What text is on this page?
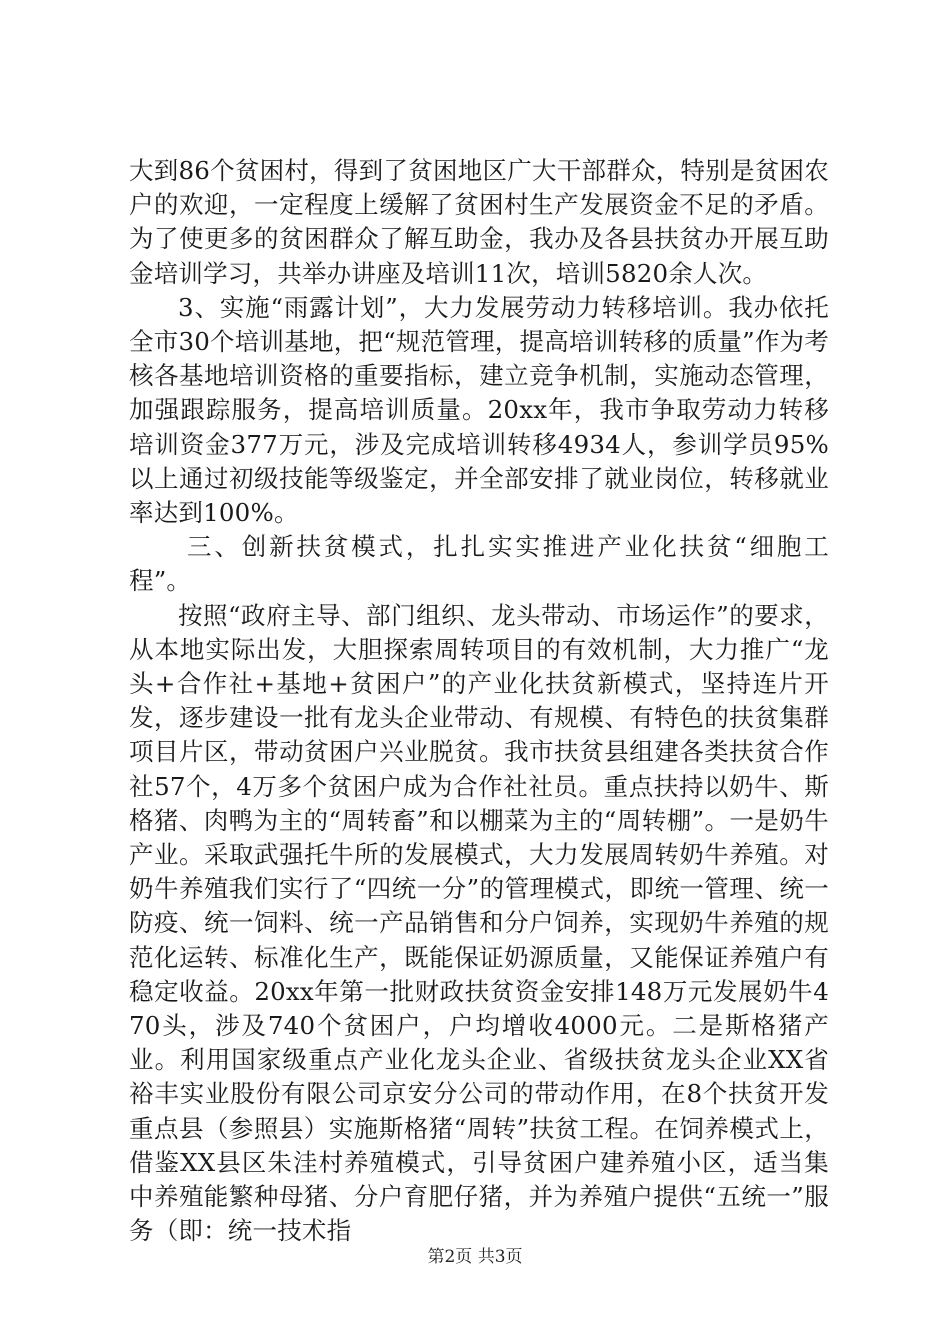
大到86个贫困村，得到了贫困地区广大干部群众，特别是贫困农户的欢迎，一定程度上缓解了贫困村生产发展资金不足的矛盾。为了使更多的贫困群众了解互助金，我办及各县扶贫办开展互助金培训学习，共举办讲座及培训11次，培训5820余人次。

3、实施“雨露计划”，大力发展劳动力转移培训。我办依托全市30个培训基地，把“规范管理，提高培训转移的质量”作为考核各基地培训资格的重要指标，建立竞争机制，实施动态管理，加强跟踪服务，提高培训质量。20xx年，我市争取劳动力转移培训资金377万元，涉及完成培训转移4934人，参训学员95%以上通过初级技能等级鉴定，并全部安排了就业岗位，转移就业率达到100%。

三、创新扶贫模式，扎扎实实推进产业化扶贫“细胞工程”。

按照“政府主导、部门组织、龙头带动、市场运作”的要求，从本地实际出发，大胆探索周转项目的有效机制，大力推广“龙头+合作社+基地+贫困户”的产业化扶贫新模式，坚持连片开发，逐步建设一批有龙头企业带动、有规模、有特色的扶贫集群项目片区，带动贫困户兴业脱贫。我市扶贫县组建各类扶贫合作社57个，4万多个贫困户成为合作社社员。重点扶持以奶牛、斯格猪、肉鸭为主的“周转畜”和以棚菜为主的“周转棚”。一是奶牛产业。采取武强托牛所的发展模式，大力发展周转奶牛养殖。对奶牛养殖我们实行了“四统一分”的管理模式，即统一管理、统一防疫、统一饲料、统一产品销售和分户饲养，实现奶牛养殖的规范化运转、标准化生产，既能保证奶源质量，又能保证养殖户有稳定收益。20xx年第一批财政扶贫资金安排148万元发展奶牛470头，涉及740个贫困户，户均增收4000元。二是斯格猪产业。利用国家级重点产业化龙头企业、省级扶贫龙头企业XX省裕丰实业股份有限公司京安分公司的带动作用，在8个扶贫开发重点县（参照县）实施斯格猪“周转”扶贫工程。在饲养模式上，借鉴XX县区朱洼村养殖模式，引导贫困户建养殖小区，适当集中养殖能繁种母猪、分户育肥仔猪，并为养殖户提供“五统一”服务（即：统一技术指

第2页 共3页
